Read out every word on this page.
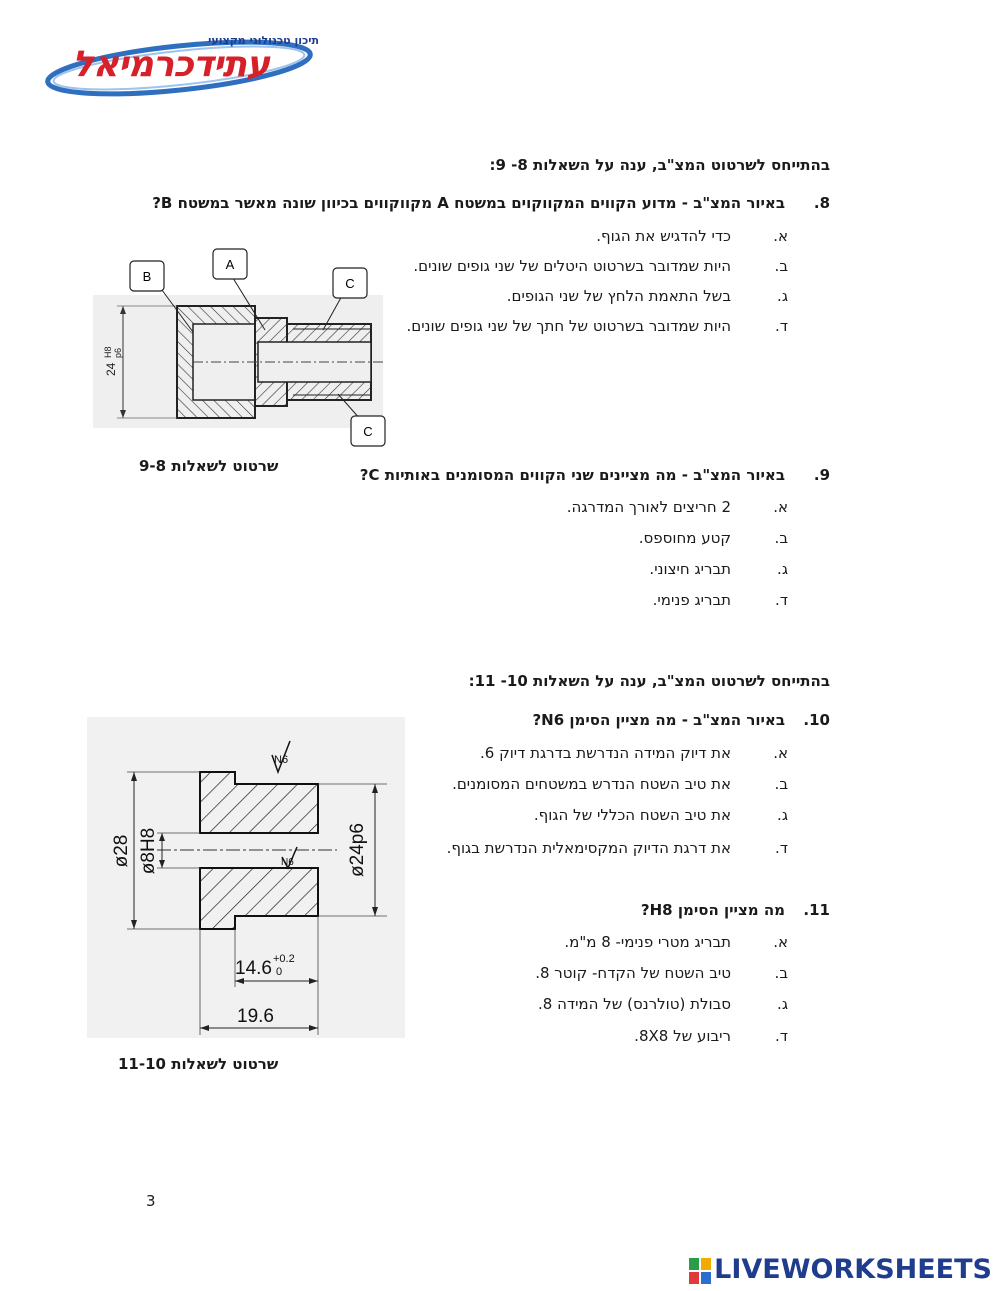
תיכון טכנולוגי מקצועי
עתידכרמיאל
בהתייחס לשרטוט המצ"ב, ענה על השאלות 8- 9:
8.
באיור המצ"ב - מדוע הקווים המקווקוים במשטח A מקווקווים בכיוון שונה מאשר במשטח B?
א.כדי להדגיש את הגוף.
ב.היות שמדובר בשרטוט היטלים של שני גופים שונים.
ג.בשל התאמת הלחץ של שני הגופים.
ד.היות שמדובר בשרטוט של חתך של שני גופים שונים.
24
H8 p6
B
A
C
C
שרטוט לשאלות 9-8	9.
באיור המצ"ב - מה מציינים שני הקווים המסומנים באותיות C?
א.2 חריצים לאורך המדרגה.
ב.קטע מחוספס.
ג.תבריג חיצוני.
ד.תבריג פנימי.
בהתייחס לשרטוט המצ"ב, ענה על השאלות 10- 11:
N6
N6
ø28 ø8H8	ø24p6
14.6 +0.2
0
19.6
שרטוט לשאלות 11-10
10.
באיור המצ"ב - מה מציין הסימן N6?
א.את דיוק המידה הנדרשת בדרגת דיוק 6.
ב.את טיב השטח הנדרש במשטחים המסומנים.
ג.את טיב השטח הכללי של הגוף.
ד.את דרגת הדיוק המקסימאלית הנדרשת בגוף.
11.
מה מציין הסימן H8?
א.תבריג מטרי פנימי- 8 מ"מ.
ב.טיב השטח של הקדח- קוטר 8.
ג.סבולת (טולרנס) של המידה 8.
ד.ריבוע של 8X8.
3
LIVEWORKSHEETS
